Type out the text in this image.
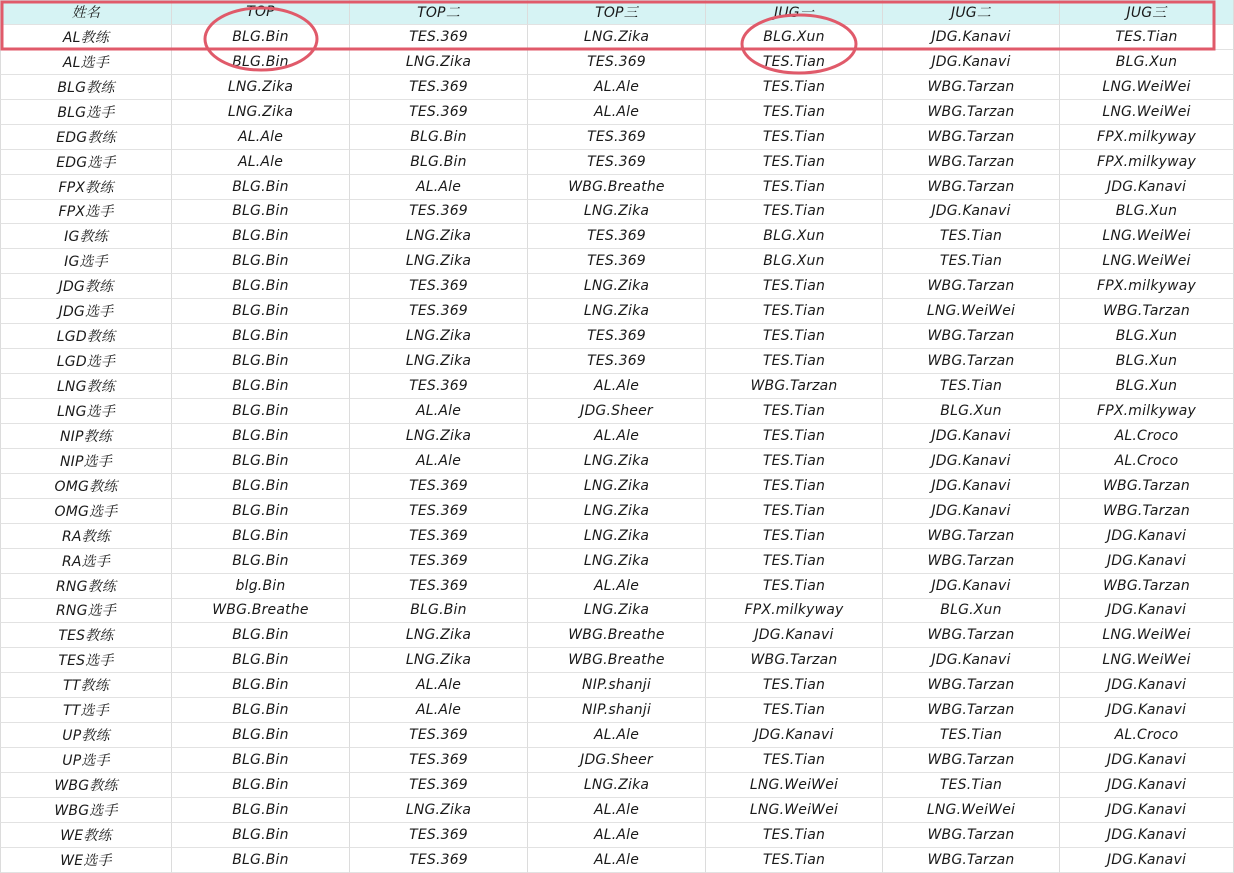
姓名	TOP	TOP二	TOP三	JUG一	JUG二	JUG三
AL教练	BLG.Bin	TES.369	LNG.Zika	BLG.Xun	JDG.Kanavi	TES.Tian
AL选手	BLG.Bin	LNG.Zika	TES.369	TES.Tian	JDG.Kanavi	BLG.Xun
BLG教练	LNG.Zika	TES.369	AL.Ale	TES.Tian	WBG.Tarzan	LNG.WeiWei
BLG选手	LNG.Zika	TES.369	AL.Ale	TES.Tian	WBG.Tarzan	LNG.WeiWei
EDG教练	AL.Ale	BLG.Bin	TES.369	TES.Tian	WBG.Tarzan	FPX.milkyway
EDG选手	AL.Ale	BLG.Bin	TES.369	TES.Tian	WBG.Tarzan	FPX.milkyway
FPX教练	BLG.Bin	AL.Ale	WBG.Breathe	TES.Tian	WBG.Tarzan	JDG.Kanavi
FPX选手	BLG.Bin	TES.369	LNG.Zika	TES.Tian	JDG.Kanavi	BLG.Xun
IG教练	BLG.Bin	LNG.Zika	TES.369	BLG.Xun	TES.Tian	LNG.WeiWei
IG选手	BLG.Bin	LNG.Zika	TES.369	BLG.Xun	TES.Tian	LNG.WeiWei
JDG教练	BLG.Bin	TES.369	LNG.Zika	TES.Tian	WBG.Tarzan	FPX.milkyway
JDG选手	BLG.Bin	TES.369	LNG.Zika	TES.Tian	LNG.WeiWei	WBG.Tarzan
LGD教练	BLG.Bin	LNG.Zika	TES.369	TES.Tian	WBG.Tarzan	BLG.Xun
LGD选手	BLG.Bin	LNG.Zika	TES.369	TES.Tian	WBG.Tarzan	BLG.Xun
LNG教练	BLG.Bin	TES.369	AL.Ale	WBG.Tarzan	TES.Tian	BLG.Xun
LNG选手	BLG.Bin	AL.Ale	JDG.Sheer	TES.Tian	BLG.Xun	FPX.milkyway
NIP教练	BLG.Bin	LNG.Zika	AL.Ale	TES.Tian	JDG.Kanavi	AL.Croco
NIP选手	BLG.Bin	AL.Ale	LNG.Zika	TES.Tian	JDG.Kanavi	AL.Croco
OMG教练	BLG.Bin	TES.369	LNG.Zika	TES.Tian	JDG.Kanavi	WBG.Tarzan
OMG选手	BLG.Bin	TES.369	LNG.Zika	TES.Tian	JDG.Kanavi	WBG.Tarzan
RA教练	BLG.Bin	TES.369	LNG.Zika	TES.Tian	WBG.Tarzan	JDG.Kanavi
RA选手	BLG.Bin	TES.369	LNG.Zika	TES.Tian	WBG.Tarzan	JDG.Kanavi
RNG教练	blg.Bin	TES.369	AL.Ale	TES.Tian	JDG.Kanavi	WBG.Tarzan
RNG选手	WBG.Breathe	BLG.Bin	LNG.Zika	FPX.milkyway	BLG.Xun	JDG.Kanavi
TES教练	BLG.Bin	LNG.Zika	WBG.Breathe	JDG.Kanavi	WBG.Tarzan	LNG.WeiWei
TES选手	BLG.Bin	LNG.Zika	WBG.Breathe	WBG.Tarzan	JDG.Kanavi	LNG.WeiWei
TT教练	BLG.Bin	AL.Ale	NIP.shanji	TES.Tian	WBG.Tarzan	JDG.Kanavi
TT选手	BLG.Bin	AL.Ale	NIP.shanji	TES.Tian	WBG.Tarzan	JDG.Kanavi
UP教练	BLG.Bin	TES.369	AL.Ale	JDG.Kanavi	TES.Tian	AL.Croco
UP选手	BLG.Bin	TES.369	JDG.Sheer	TES.Tian	WBG.Tarzan	JDG.Kanavi
WBG教练	BLG.Bin	TES.369	LNG.Zika	LNG.WeiWei	TES.Tian	JDG.Kanavi
WBG选手	BLG.Bin	LNG.Zika	AL.Ale	LNG.WeiWei	LNG.WeiWei	JDG.Kanavi
WE教练	BLG.Bin	TES.369	AL.Ale	TES.Tian	WBG.Tarzan	JDG.Kanavi
WE选手	BLG.Bin	TES.369	AL.Ale	TES.Tian	WBG.Tarzan	JDG.Kanavi
